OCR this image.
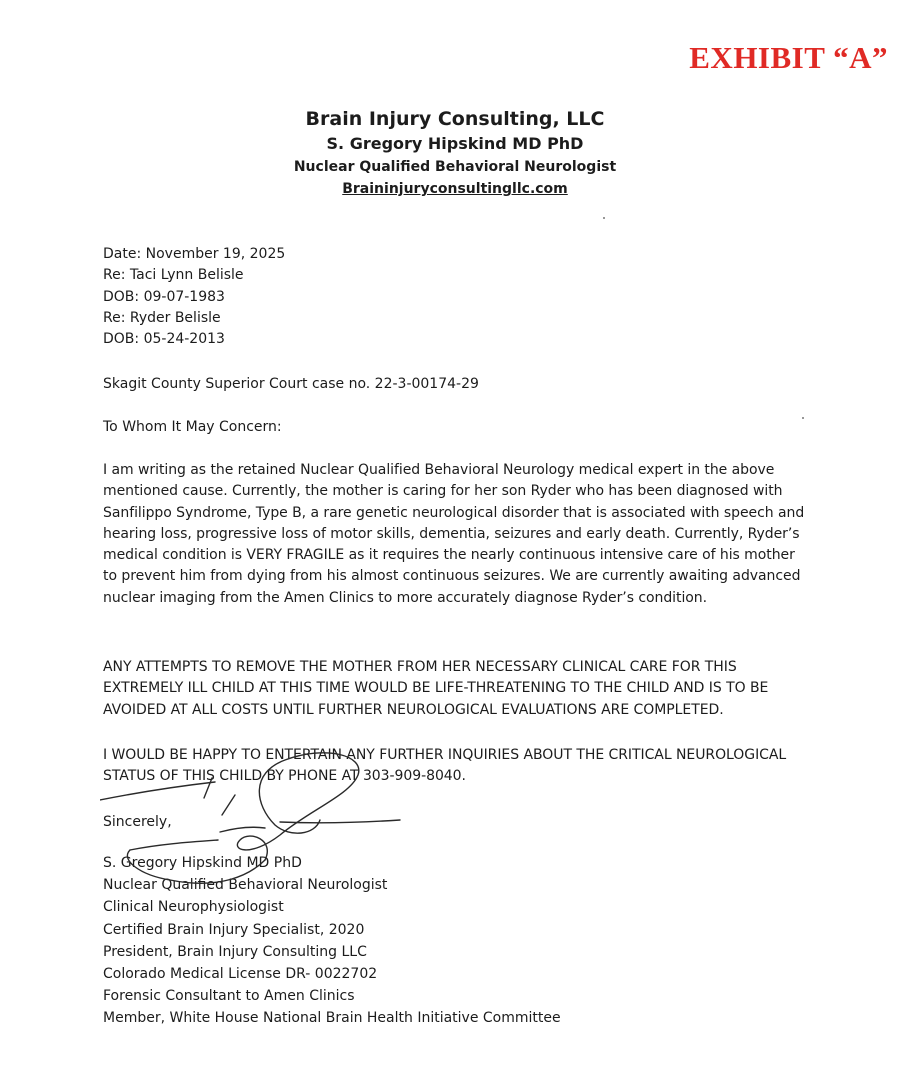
EXHIBIT “A”
Brain Injury Consulting, LLC
S. Gregory Hipskind MD PhD
Nuclear Qualified Behavioral Neurologist
Braininjuryconsultingllc.com
Date: November 19, 2025
Re: Taci Lynn Belisle
DOB: 09-07-1983
Re: Ryder Belisle
DOB: 05-24-2013
Skagit County Superior Court case no. 22-3-00174-29
To Whom It May Concern:
I am writing as the retained Nuclear Qualified Behavioral Neurology medical expert in the above mentioned cause. Currently, the mother is caring for her son Ryder who has been diagnosed with Sanfilippo Syndrome, Type B, a rare genetic neurological disorder that is associated with speech and hearing loss, progressive loss of motor skills, dementia, seizures and early death. Currently, Ryder’s medical condition is VERY FRAGILE as it requires the nearly continuous intensive care of his mother to prevent him from dying from his almost continuous seizures. We are currently awaiting advanced nuclear imaging from the Amen Clinics to more accurately diagnose Ryder’s condition.
ANY ATTEMPTS TO REMOVE THE MOTHER FROM HER NECESSARY CLINICAL CARE FOR THIS EXTREMELY ILL CHILD AT THIS TIME WOULD BE LIFE-THREATENING TO THE CHILD AND IS TO BE AVOIDED AT ALL COSTS UNTIL FURTHER NEUROLOGICAL EVALUATIONS ARE COMPLETED.
I WOULD BE HAPPY TO ENTERTAIN ANY FURTHER INQUIRIES ABOUT THE CRITICAL NEUROLOGICAL STATUS OF THIS CHILD BY PHONE AT 303-909-8040.
Sincerely,
S. Gregory Hipskind MD PhD
Nuclear Qualified Behavioral Neurologist
Clinical Neurophysiologist
Certified Brain Injury Specialist, 2020
President, Brain Injury Consulting LLC
Colorado Medical License DR- 0022702
Forensic Consultant to Amen Clinics
Member, White House National Brain Health Initiative Committee
